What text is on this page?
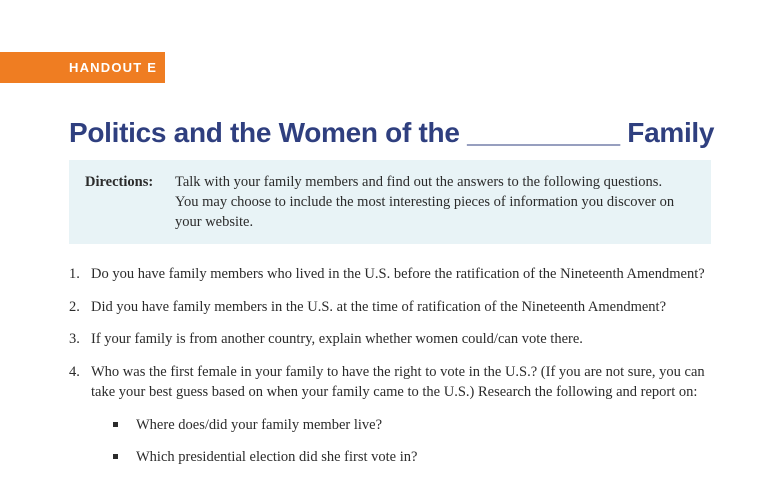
HANDOUT E
Politics and the Women of the __________ Family
Directions: Talk with your family members and find out the answers to the following questions. You may choose to include the most interesting pieces of information you discover on your website.
1. Do you have family members who lived in the U.S. before the ratification of the Nineteenth Amendment?
2. Did you have family members in the U.S. at the time of ratification of the Nineteenth Amendment?
3. If your family is from another country, explain whether women could/can vote there.
4. Who was the first female in your family to have the right to vote in the U.S.? (If you are not sure, you can take your best guess based on when your family came to the U.S.) Research the following and report on:
Where does/did your family member live?
Which presidential election did she first vote in?
